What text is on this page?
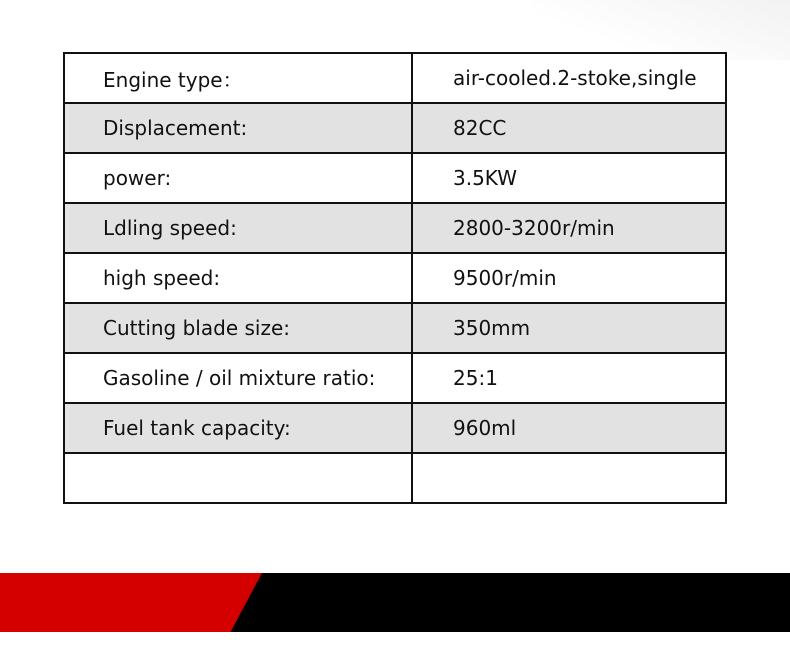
Engine type：	air-cooled.2-stoke,single
Displacement:	82CC
power:	3.5KW
Ldling speed:	2800-3200r/min
high speed:	9500r/min
Cutting blade size:	350mm
Gasoline / oil mixture ratio:	25:1
Fuel tank capacity:	960ml
